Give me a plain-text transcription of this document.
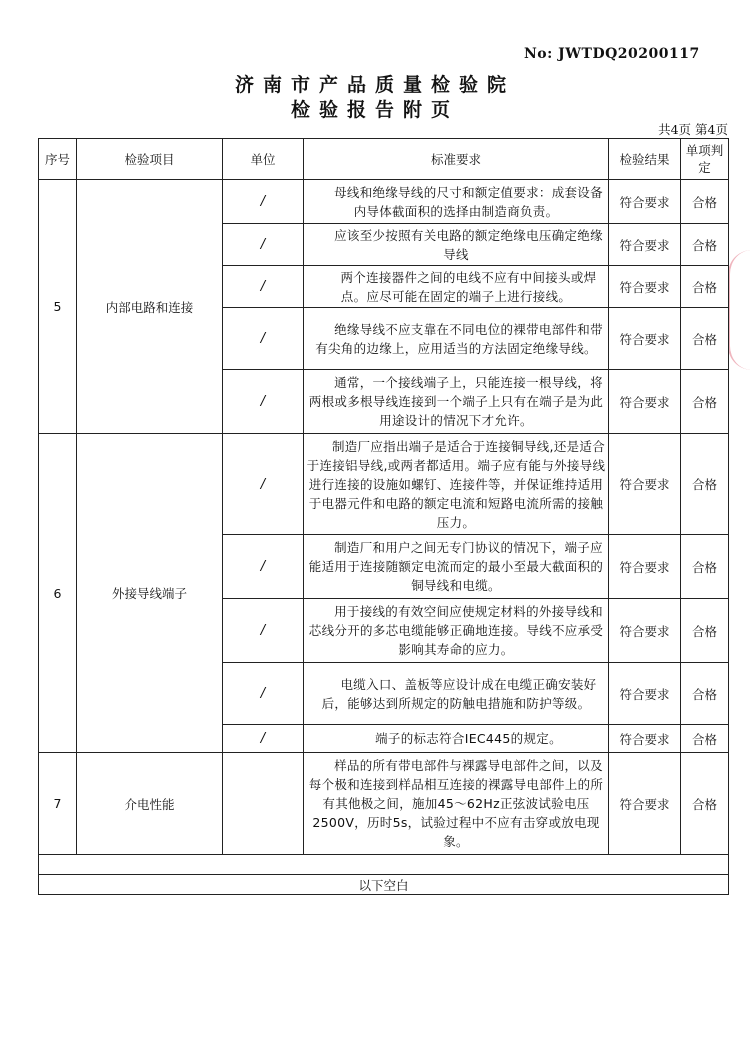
No: JWTDQ20200117
济南市产品质量检验院
检验报告附页
共4页 第4页
序号	检验项目	单位	标准要求	检验结果	单项判定
5	内部电路和连接	/	母线和绝缘导线的尺寸和额定值要求：成套设备内导体截面积的选择由制造商负责。	符合要求	合格
		/	应该至少按照有关电路的额定绝缘电压确定绝缘导线	符合要求	合格
		/	两个连接器件之间的电线不应有中间接头或焊点。应尽可能在固定的端子上进行接线。	符合要求	合格
		/	绝缘导线不应支靠在不同电位的裸带电部件和带有尖角的边缘上，应用适当的方法固定绝缘导线。	符合要求	合格
		/	通常，一个接线端子上，只能连接一根导线，将两根或多根导线连接到一个端子上只有在端子是为此用途设计的情况下才允许。	符合要求	合格
6	外接导线端子	/	制造厂应指出端子是适合于连接铜导线,还是适合于连接铝导线,或两者都适用。端子应有能与外接导线进行连接的设施如螺钉、连接件等，并保证维持适用于电器元件和电路的额定电流和短路电流所需的接触压力。	符合要求	合格
		/	制造厂和用户之间无专门协议的情况下，端子应能适用于连接随额定电流而定的最小至最大截面积的铜导线和电缆。	符合要求	合格
		/	用于接线的有效空间应使规定材料的外接导线和芯线分开的多芯电缆能够正确地连接。导线不应承受影响其寿命的应力。	符合要求	合格
		/	电缆入口、盖板等应设计成在电缆正确安装好后，能够达到所规定的防触电措施和防护等级。	符合要求	合格
		/	端子的标志符合IEC445的规定。	符合要求	合格
7	介电性能		样品的所有带电部件与裸露导电部件之间，以及每个极和连接到样品相互连接的裸露导电部件上的所有其他极之间，施加45～62Hz正弦波试验电压2500V，历时5s，试验过程中不应有击穿或放电现象。	符合要求	合格

以下空白					
